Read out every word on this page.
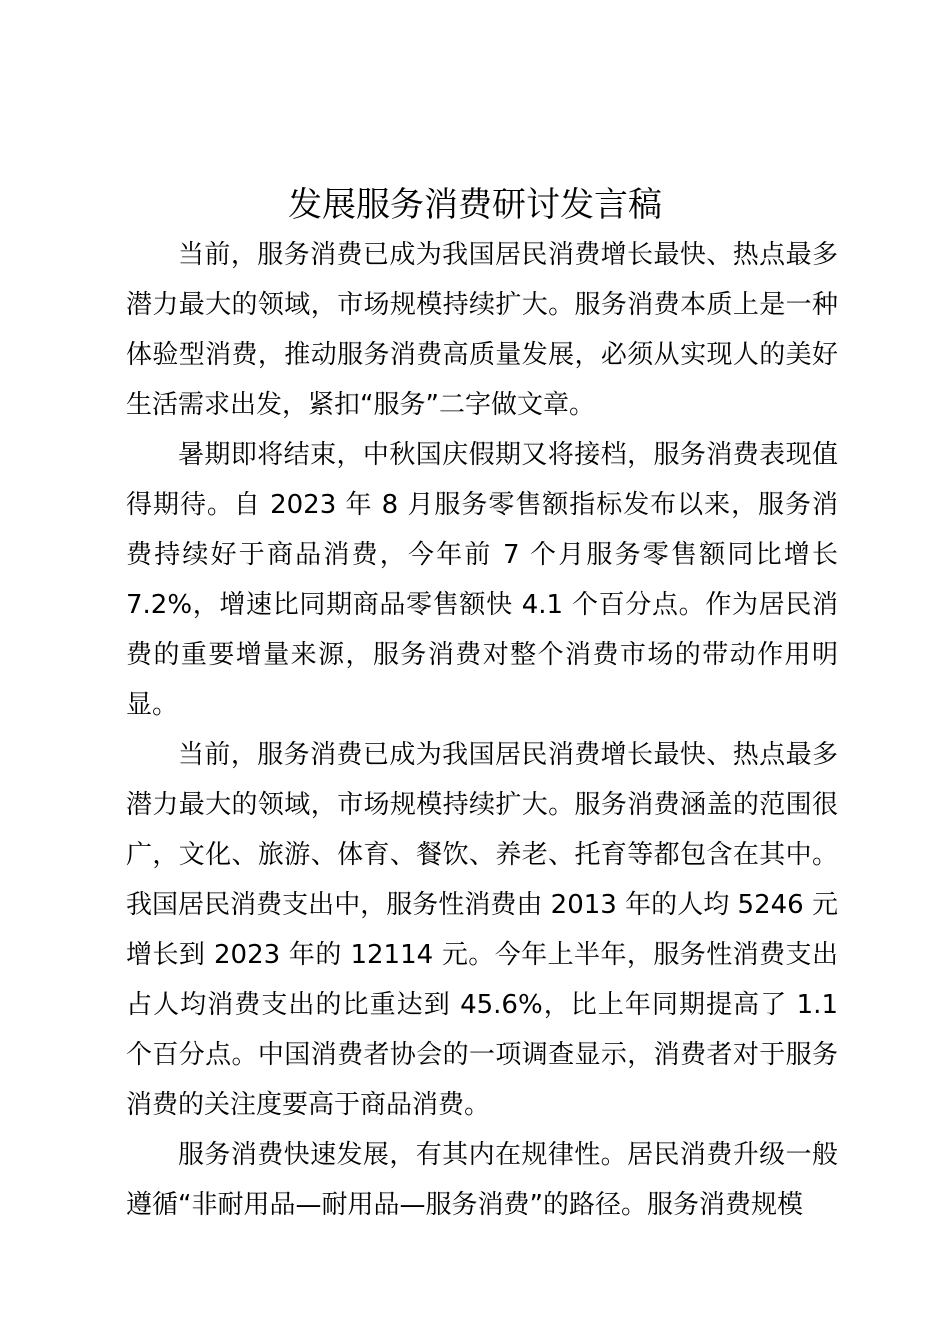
发展服务消费研讨发言稿

当前，服务消费已成为我国居民消费增长最快、热点最多潜力最大的领域，市场规模持续扩大。服务消费本质上是一种体验型消费，推动服务消费高质量发展，必须从实现人的美好生活需求出发，紧扣“服务”二字做文章。

暑期即将结束，中秋国庆假期又将接档，服务消费表现值得期待。自 2023 年 8 月服务零售额指标发布以来，服务消费持续好于商品消费，今年前 7 个月服务零售额同比增长 7.2%，增速比同期商品零售额快 4.1 个百分点。作为居民消费的重要增量来源，服务消费对整个消费市场的带动作用明显。

当前，服务消费已成为我国居民消费增长最快、热点最多潜力最大的领域，市场规模持续扩大。服务消费涵盖的范围很广，文化、旅游、体育、餐饮、养老、托育等都包含在其中。我国居民消费支出中，服务性消费由 2013 年的人均 5246 元增长到 2023 年的 12114 元。今年上半年，服务性消费支出占人均消费支出的比重达到 45.6%，比上年同期提高了 1.1 个百分点。中国消费者协会的一项调查显示，消费者对于服务消费的关注度要高于商品消费。

服务消费快速发展，有其内在规律性。居民消费升级一般遵循“非耐用品—耐用品—服务消费”的路径。服务消费规模
